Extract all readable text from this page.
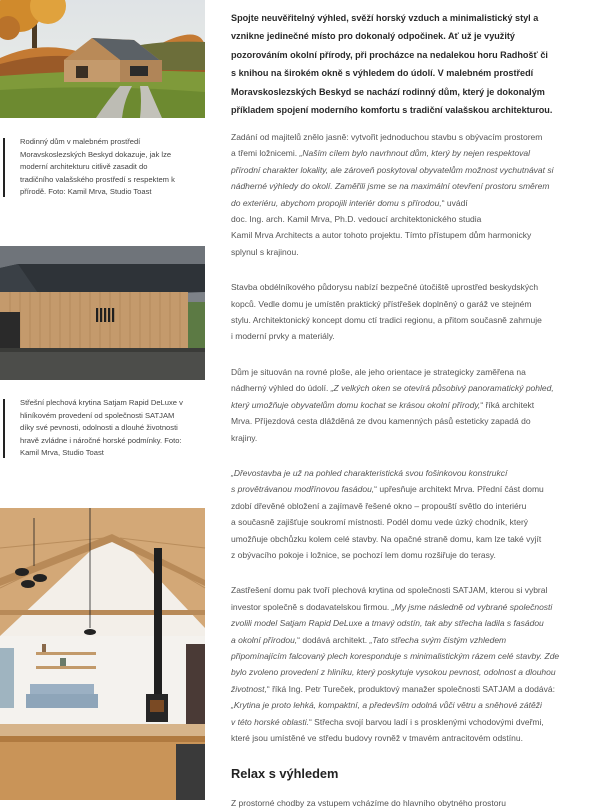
Rodinný dům v malebném prostředí
Moravskoslezských Beskyd dokazuje, jak lze
moderní architekturu citlivě zasadit do
tradičního valašského prostředí s respektem k
přírodě. Foto: Kamil Mrva, Studio Toast
Střešní plechová krytina Satjam Rapid DeLuxe v
hliníkovém provedení od společnosti SATJAM
díky své pevnosti, odolnosti a dlouhé životnosti
hravě zvládne i náročné horské podmínky. Foto:
Kamil Mrva, Studio Toast
Spojte neuvěřitelný výhled, svěží horský vzduch a minimalistický styl a
vznikne jedinečné místo pro dokonalý odpočinek. Ať už je využitý
pozorováním okolní přírody, při procházce na nedalekou horu Radhošť či
s knihou na širokém okně s výhledem do údolí. V malebném prostředí
Moravskoslezských Beskyd se nachází rodinný dům, který je dokonalým
příkladem spojení moderního komfortu s tradiční valašskou architekturou.

Zadání od majitelů znělo jasně: vytvořit jednoduchou stavbu s obývacím prostorem
a třemi ložnicemi. „Naším cílem bylo navrhnout dům, který by nejen respektoval
přírodní charakter lokality, ale zároveň poskytoval obyvatelům možnost vychutnávat si
nádherné výhledy do okolí. Zaměřili jsme se na maximální otevření prostoru směrem
do exteriéru, abychom propojili interiér domu s přírodou,“ uvádí
doc. Ing. arch. Kamil Mrva, Ph.D. vedoucí architektonického studia
Kamil Mrva Architects a autor tohoto projektu. Tímto přístupem dům harmonicky
splynul s krajinou.

Stavba obdélníkového půdorysu nabízí bezpečné útočiště uprostřed beskydských
kopců. Vedle domu je umístěn praktický přístřešek doplněný o garáž ve stejném
stylu. Architektonický koncept domu ctí tradici regionu, a přitom současně zahrnuje
i moderní prvky a materiály.

Dům je situován na rovné ploše, ale jeho orientace je strategicky zaměřena na
nádherný výhled do údolí. „Z velkých oken se otevírá působivý panoramatický pohled,
který umožňuje obyvatelům domu kochat se krásou okolní přírody,“ říká architekt
Mrva. Příjezdová cesta dlážděná ze dvou kamenných pásů esteticky zapadá do
krajiny.

„Dřevostavba je už na pohled charakteristická svou fošinkovou konstrukcí
s provětrávanou modřínovou fasádou,“ upřesňuje architekt Mrva. Přední část domu
zdobí dřevěné obložení a zajímavě řešené okno – propouští světlo do interiéru
a současně zajišťuje soukromí místnosti. Podél domu vede úzký chodník, který
umožňuje obchůzku kolem celé stavby. Na opačné straně domu, kam lze také vyjít
z obývacího pokoje i ložnice, se pochozí lem domu rozšiřuje do terasy.

Zastřešení domu pak tvoří plechová krytina od společnosti SATJAM, kterou si vybral
investor společně s dodavatelskou firmou. „My jsme následně od vybrané společnosti
zvolili model Satjam Rapid DeLuxe a tmavý odstín, tak aby střecha ladila s fasádou
a okolní přírodou,“ dodává architekt. „Tato střecha svým čistým vzhledem
připomínajícím falcovaný plech koresponduje s minimalistickým rázem celé stavby. Zde
bylo zvoleno provedení z hliníku, který poskytuje vysokou pevnost, odolnost a dlouhou
životnost,“ říká Ing. Petr Tureček, produktový manažer společnosti SATJAM a dodává:
„Krytina je proto lehká, kompaktní, a především odolná vůči větru a sněhové zátěži
v této horské oblasti.“ Střecha svojí barvou ladí i s prosklenými vchodovými dveřmi,
které jsou umístěné ve středu budovy rovněž v tmavém antracitovém odstínu.

Relax s výhledem
Z prostorné chodby za vstupem vcházíme do hlavního obytného prostoru
